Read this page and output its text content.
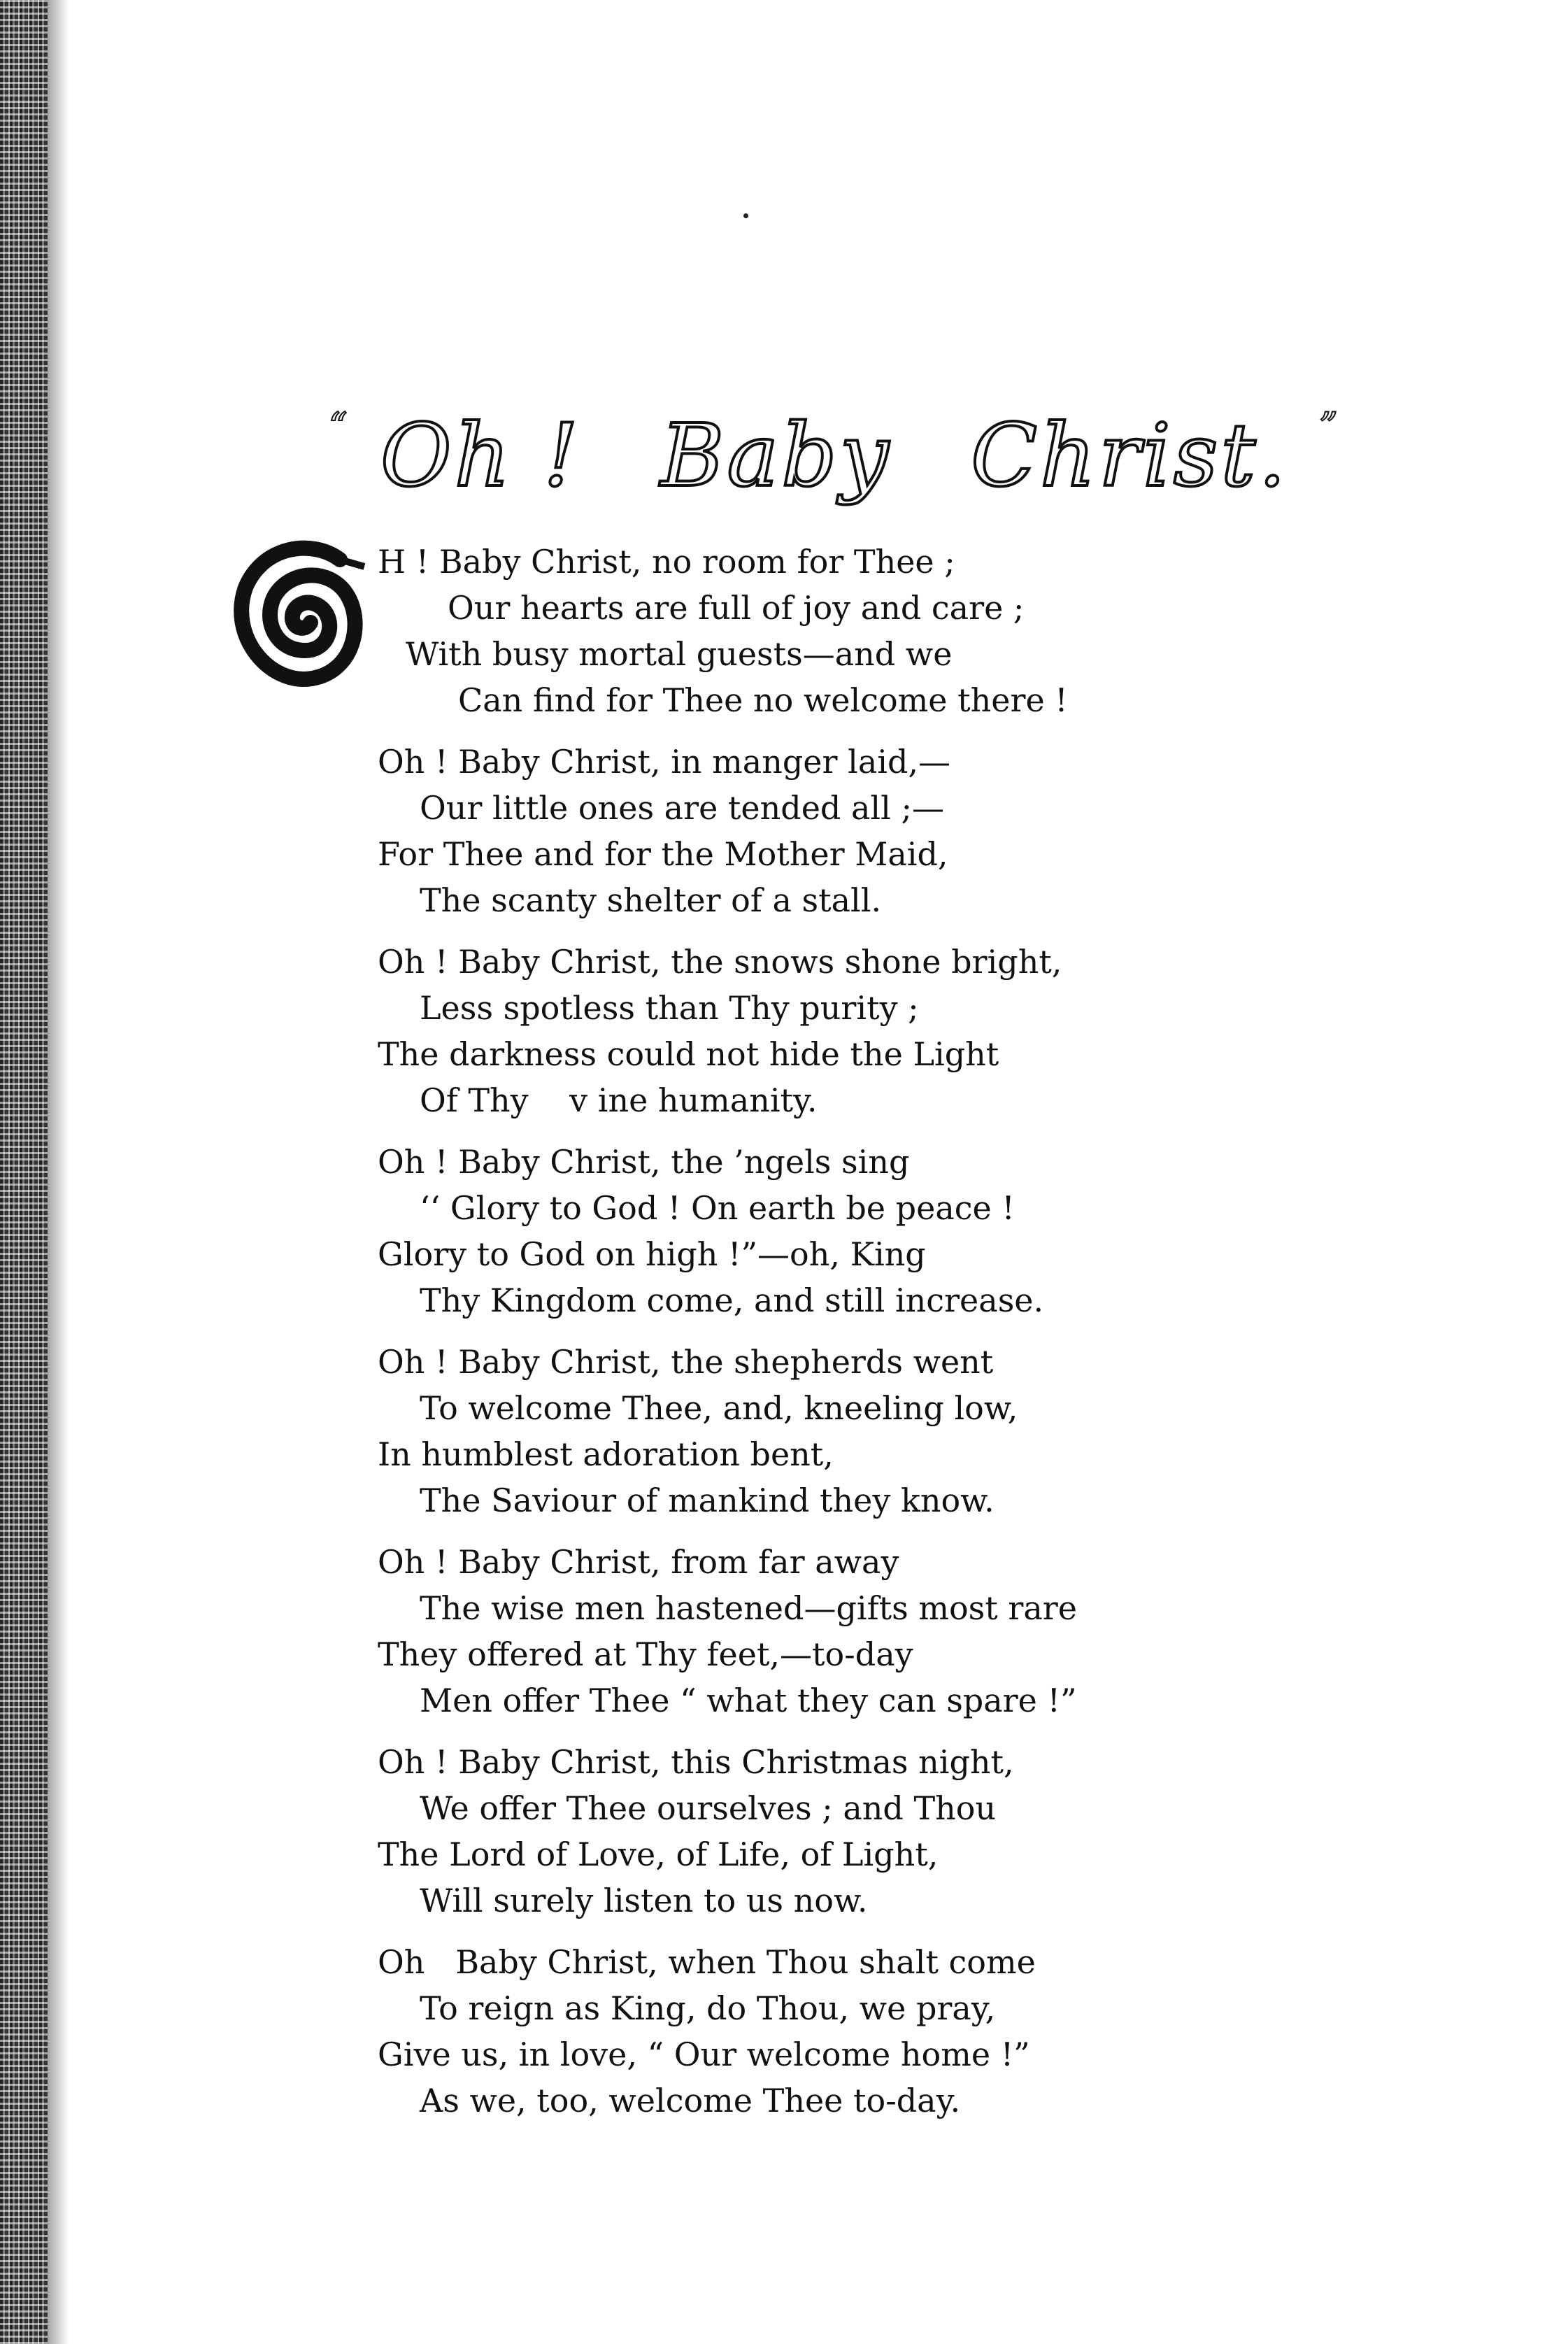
“ Oh ! Baby Christ. ”
O
H ! Baby Christ, no room for Thee ;
Our hearts are full of joy and care ;
With busy mortal guests—and we
Can find for Thee no welcome there !
Oh ! Baby Christ, in manger laid,—
Our little ones are tended all ;—
For Thee and for the Mother Maid,
The scanty shelter of a stall.
Oh ! Baby Christ, the snows shone bright,
Less spotless than Thy purity ;
The darkness could not hide the Light
Of Thy    v ine humanity.
Oh ! Baby Christ, the ’ngels sing
‘‘ Glory to God ! On earth be peace !
Glory to God on high !”—oh, King
Thy Kingdom come, and still increase.
Oh ! Baby Christ, the shepherds went
To welcome Thee, and, kneeling low,
In humblest adoration bent,
The Saviour of mankind they know.
Oh ! Baby Christ, from far away
The wise men hastened—gifts most rare
They offered at Thy feet,—to-day
Men offer Thee “ what they can spare !”
Oh ! Baby Christ, this Christmas night,
We offer Thee ourselves ; and Thou
The Lord of Love, of Life, of Light,
Will surely listen to us now.
Oh   Baby Christ, when Thou shalt come
To reign as King, do Thou, we pray,
Give us, in love, “ Our welcome home !”
As we, too, welcome Thee to-day.
